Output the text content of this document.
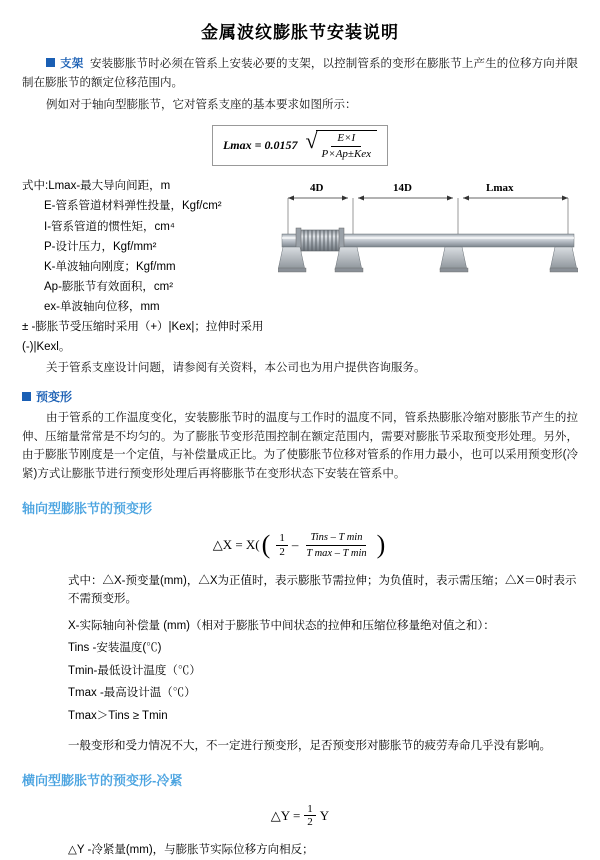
金属波纹膨胀节安装说明
支架 安装膨胀节时必须在管系上安装必要的支架，以控制管系的变形在膨胀节上产生的位移方向并限制在膨胀节的额定位移范围内。
例如对于轴向型膨胀节，它对管系支座的基本要求如图所示：
Lmax = 0.0157 √
$\frac{E\times I}{\text{P×Ap±Kex}}$
式中:Lmax-最大导向间距，m
E-管系管道材料弹性投量，Kgf/cm²
I-管系管道的惯性矩，cm⁴
P-设计压力，Kgf/mm²
K-单波轴向刚度；Kgf/mm
Ap-膨胀节有效面积，cm²
ex-单波轴向位移，mm
± -膨胀节受压缩时采用（+）|Kex|；拉伸时采用(-)|Kexl。
4D	14D	Lmax
关于管系支座设计问题，请参阅有关资料，本公司也为用户提供咨询服务。
预变形
由于管系的工作温度变化，安装膨胀节时的温度与工作时的温度不同，管系热膨胀冷缩对膨胀节产生的拉伸、压缩量常常是不均匀的。为了膨胀节变形范围控制在额定范围内，需要对膨胀节采取预变形处理。另外，由于膨胀节刚度是一个定值，与补偿量成正比。为了使膨胀节位移对管系的作用力最小，也可以采用预变形(冷紧)方式让膨胀节进行预变形处理后再将膨胀节在变形状态下安装在管系中。
轴向型膨胀节的预变形
△X = X( ( $\frac{1}{2}$ –
Tins – T min
T max – T min )
式中：△X-预变量(mm)，△X为正值时，表示膨胀节需拉伸；为负值时，表示需压缩；△X＝0时表示不需预变形。
X-实际轴向补偿量 (mm)（相对于膨胀节中间状态的拉伸和压缩位移量绝对值之和）：
Tins -安装温度(℃)
Tmin-最低设计温度（℃）
Tmax -最高设计温（℃）
Tmax＞Tins ≥ Tmin
一般变形和受力情况不大，不一定进行预变形，足否预变形对膨胀节的疲劳寿命几乎没有影响。
横向型膨胀节的预变形-冷紧
△Y = $\frac{1}{2}$ Y
△Y -冷紧量(mm)，与膨胀节实际位移方向相反；
